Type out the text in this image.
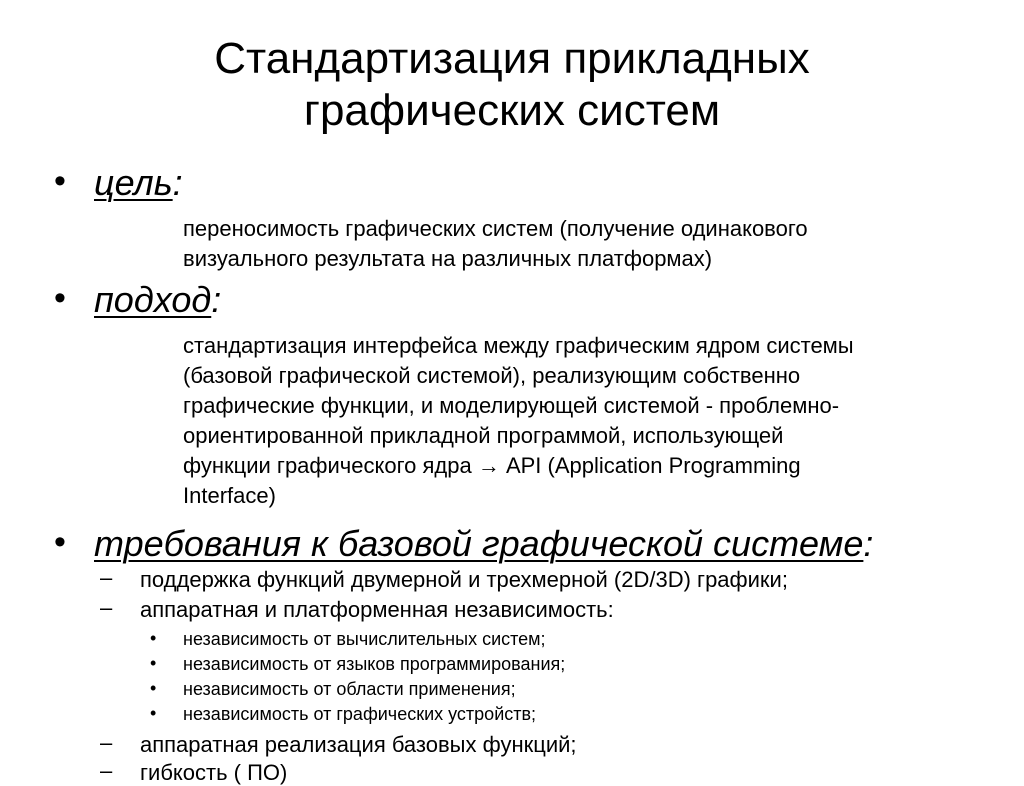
Стандартизация прикладных
графических систем
• цель:
переносимость графических систем (получение одинакового
визуального результата на различных платформах)
• подход:
стандартизация интерфейса между графическим ядром системы
(базовой графической системой), реализующим собственно
графические функции, и моделирующей системой - проблемно-
ориентированной прикладной программой, использующей
функции графического ядра → API (Application Programming
Interface)
• требования к базовой графической системе:
– поддержка функций двумерной и трехмерной (2D/3D) графики;
– аппаратная и платформенная независимость:
• независимость от вычислительных систем;
• независимость от языков программирования;
• независимость от области применения;
• независимость от графических устройств;
– аппаратная реализация базовых функций;
– гибкость ( ПО)
